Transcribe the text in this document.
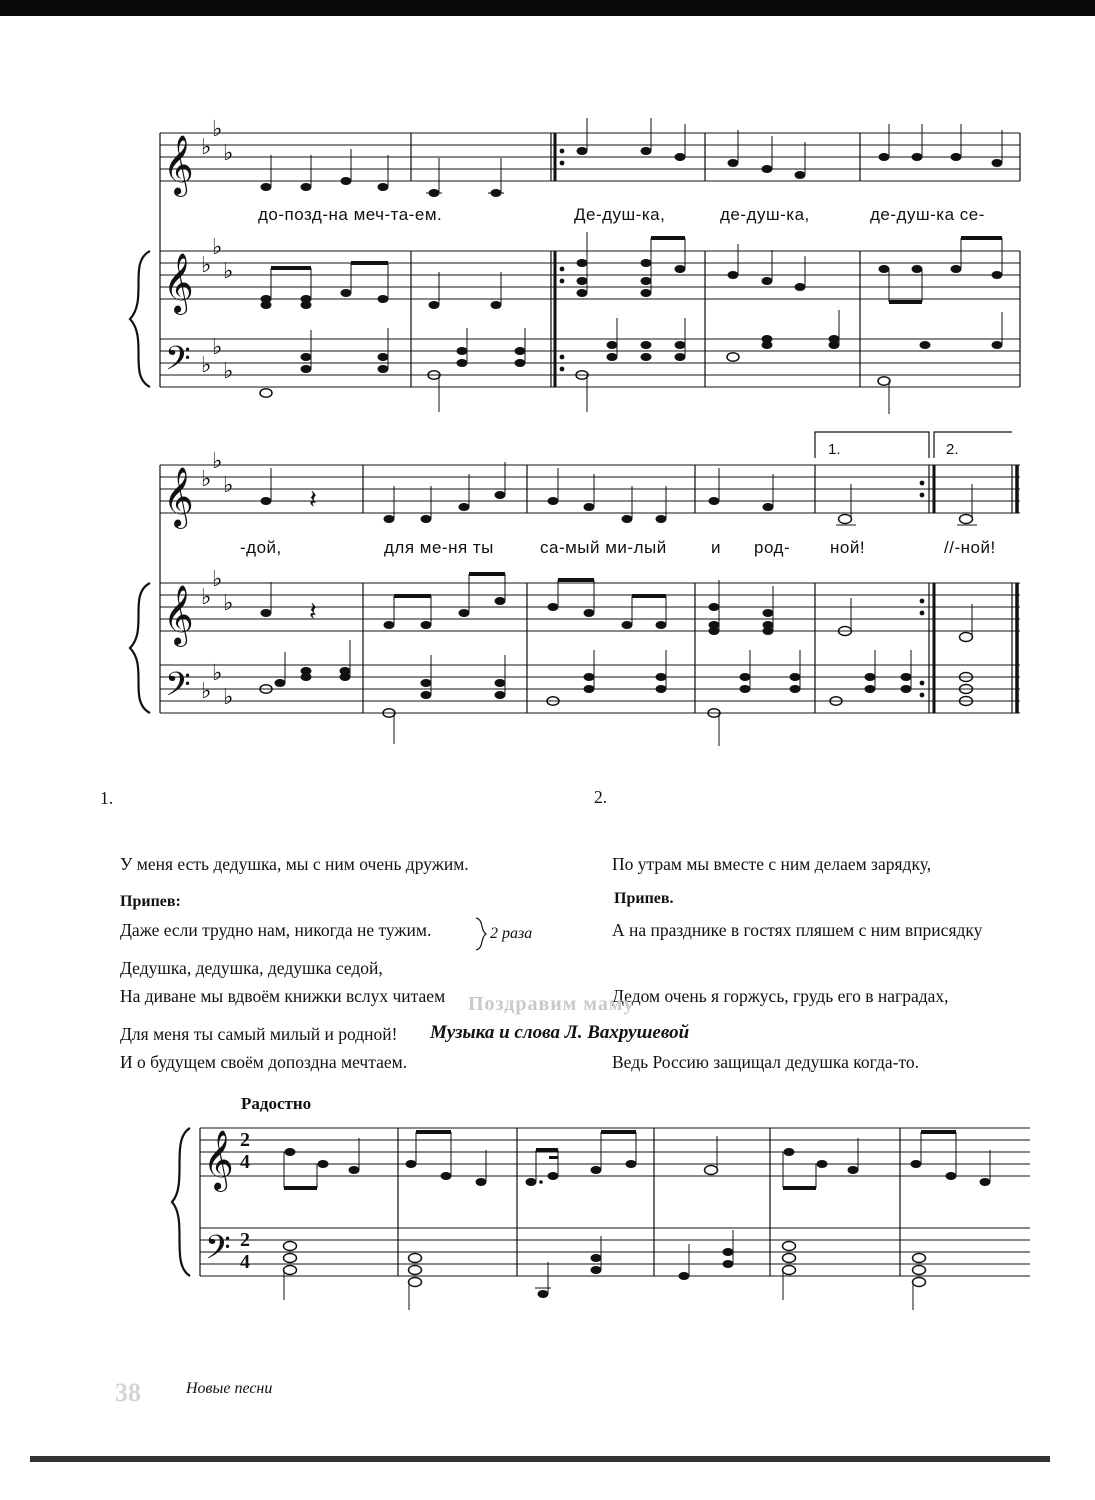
𝄞
𝄞
𝄢
♭
♭
♭
♭
♭
♭
♭
♭
♭
𝄞
𝄞
𝄢
♭
♭
♭
♭
♭
♭
♭
♭
♭
𝄽
𝄽
𝄞
𝄢
2
4
2
4
до-позд-на меч-та-ем.	Де-душ-ка,	де-душ-ка,	де-душ-ка се-
1.	2.
-дой,	для ме-ня ты	са-мый ми-лый	и род- ной!	//-ной!

1.

У меня есть дедушка, мы с ним очень дружим.

Даже если трудно нам, никогда не тужим.

На диване мы вдвоём книжки вслух читаем

И о будущем своём допоздна мечтаем.

По утрам мы вместе с ним делаем зарядку,

А на празднике в гостях пляшем с ним вприсядку

Дедом очень я горжусь, грудь его в наградах,

Ведь Россию защищал дедушка когда-то.

2.
Припев:

Дедушка, дедушка, дедушка седой,

Для меня ты самый милый и родной!

2 раза
Припев.
Поздравим маму
Музыка и слова Л. Вахрушевой
Радостно
38	Новые песни
